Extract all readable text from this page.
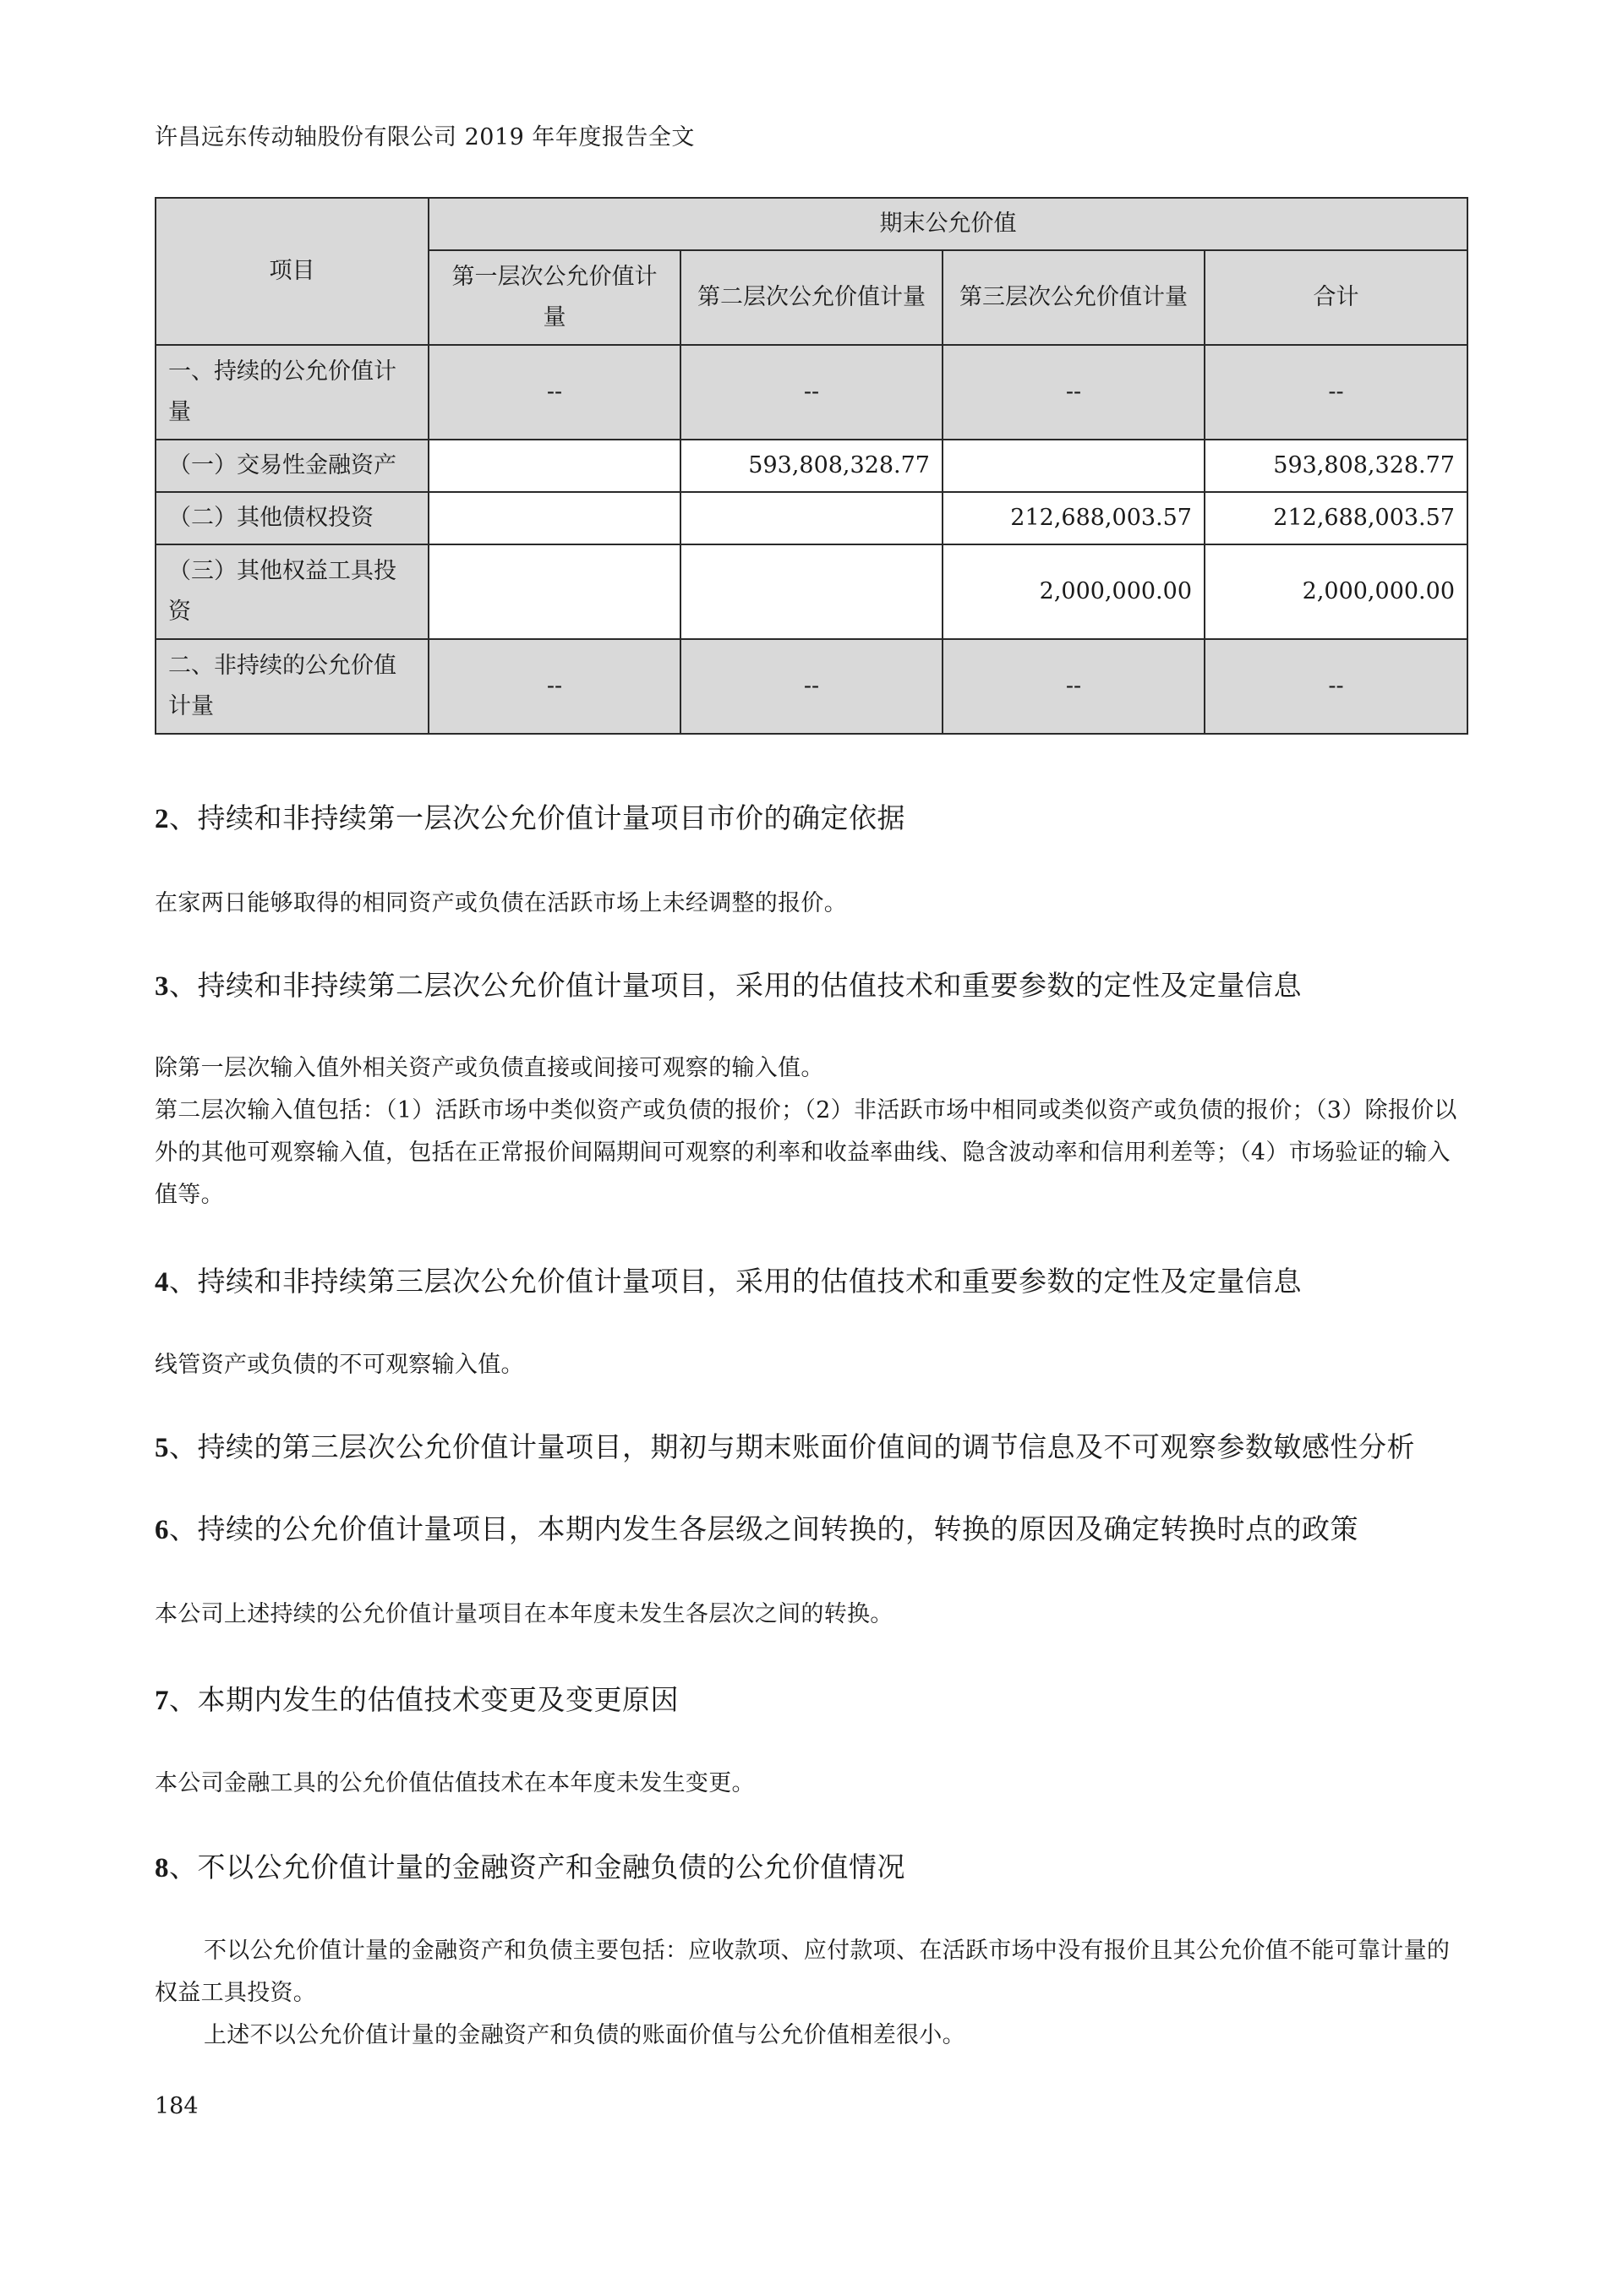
许昌远东传动轴股份有限公司 2019 年年度报告全文
项目	期末公允价值			
	第一层次公允价值计量	第二层次公允价值计量	第三层次公允价值计量	合计
一、持续的公允价值计量	--	--	--	--
（一）交易性金融资产		593,808,328.77		593,808,328.77
（二）其他债权投资			212,688,003.57	212,688,003.57
（三）其他权益工具投资			2,000,000.00	2,000,000.00
二、非持续的公允价值计量	--	--	--	--
2、持续和非持续第一层次公允价值计量项目市价的确定依据
在家两日能够取得的相同资产或负债在活跃市场上未经调整的报价。
3、持续和非持续第二层次公允价值计量项目，采用的估值技术和重要参数的定性及定量信息
除第一层次输入值外相关资产或负债直接或间接可观察的输入值。
第二层次输入值包括：（1）活跃市场中类似资产或负债的报价；（2）非活跃市场中相同或类似资产或负债的报价；（3）除报价以外的其他可观察输入值，包括在正常报价间隔期间可观察的利率和收益率曲线、隐含波动率和信用利差等；（4）市场验证的输入值等。
4、持续和非持续第三层次公允价值计量项目，采用的估值技术和重要参数的定性及定量信息
线管资产或负债的不可观察输入值。
5、持续的第三层次公允价值计量项目，期初与期末账面价值间的调节信息及不可观察参数敏感性分析
6、持续的公允价值计量项目，本期内发生各层级之间转换的，转换的原因及确定转换时点的政策
本公司上述持续的公允价值计量项目在本年度未发生各层次之间的转换。
7、本期内发生的估值技术变更及变更原因
本公司金融工具的公允价值估值技术在本年度未发生变更。
8、不以公允价值计量的金融资产和金融负债的公允价值情况
不以公允价值计量的金融资产和负债主要包括：应收款项、应付款项、在活跃市场中没有报价且其公允价值不能可靠计量的权益工具投资。
上述不以公允价值计量的金融资产和负债的账面价值与公允价值相差很小。
184
